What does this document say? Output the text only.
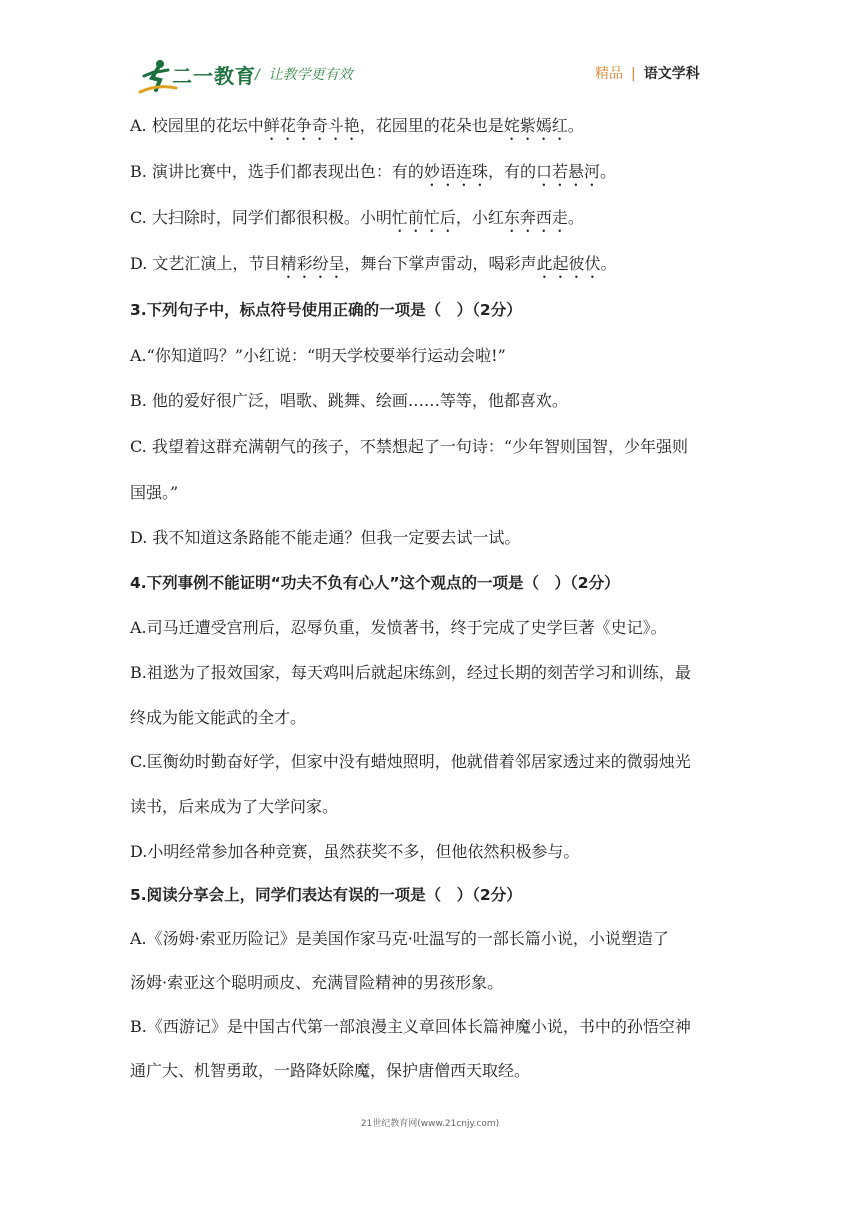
二一教育 /  让教学更有效	精品 | 语文学科
A. 校园里的花坛中鲜花争奇斗艳，花园里的花朵也是姹紫嫣红。
B. 演讲比赛中，选手们都表现出色：有的妙语连珠，有的口若悬河。
C. 大扫除时，同学们都很积极。小明忙前忙后，小红东奔西走。
D. 文艺汇演上，节目精彩纷呈，舞台下掌声雷动，喝彩声此起彼伏。
3.下列句子中，标点符号使用正确的一项是（　）（2分）
A.“你知道吗？”小红说：“明天学校要举行运动会啦!”
B. 他的爱好很广泛，唱歌、跳舞、绘画……等等，他都喜欢。
C. 我望着这群充满朝气的孩子，不禁想起了一句诗：“少年智则国智，少年强则
国强。”
D. 我不知道这条路能不能走通？但我一定要去试一试。
4.下列事例不能证明“功夫不负有心人”这个观点的一项是（　）（2分）
A.司马迁遭受宫刑后，忍辱负重，发愤著书，终于完成了史学巨著《史记》。
B.祖逖为了报效国家，每天鸡叫后就起床练剑，经过长期的刻苦学习和训练，最
终成为能文能武的全才。
C.匡衡幼时勤奋好学，但家中没有蜡烛照明，他就借着邻居家透过来的微弱烛光
读书，后来成为了大学问家。
D.小明经常参加各种竞赛，虽然获奖不多，但他依然积极参与。
5.阅读分享会上，同学们表达有误的一项是（　）（2分）
A.《汤姆·索亚历险记》是美国作家马克·吐温写的一部长篇小说，小说塑造了
汤姆·索亚这个聪明顽皮、充满冒险精神的男孩形象。
B.《西游记》是中国古代第一部浪漫主义章回体长篇神魔小说，书中的孙悟空神
通广大、机智勇敢，一路降妖除魔，保护唐僧西天取经。
21世纪教育网(www.21cnjy.com)
